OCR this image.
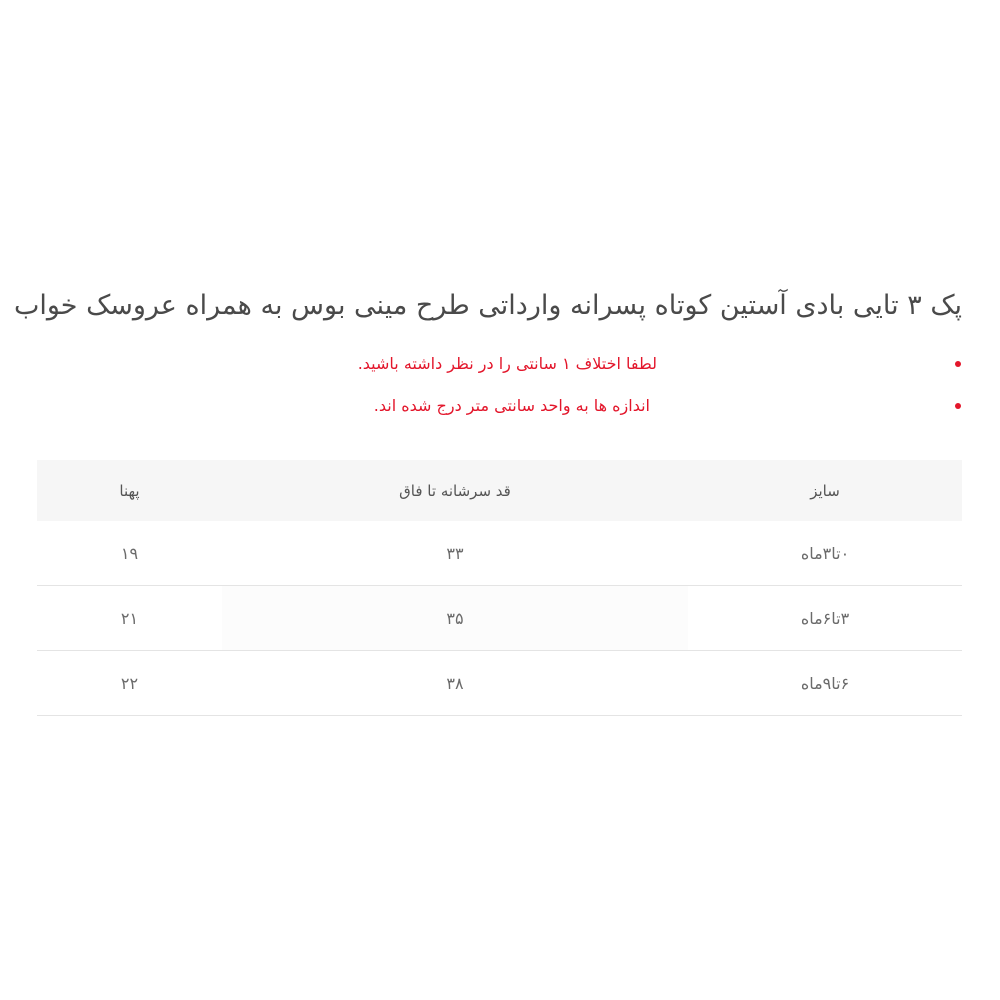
پک ۳ تایی بادی آستین کوتاه پسرانه وارداتی طرح مینی بوس به همراه عروسک خواب
لطفا اختلاف ۱ سانتی را در نظر داشته باشید.
اندازه ها به واحد سانتی متر درج شده اند.
سایز	قد سرشانه تا فاق	پهنا
۰تا۳ماه	۳۳	۱۹
۳تا۶ماه	۳۵	۲۱
۶تا۹ماه	۳۸	۲۲
